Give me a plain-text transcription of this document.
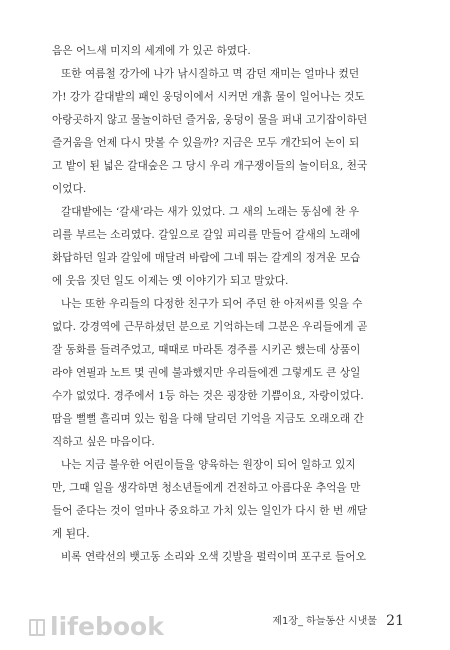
음은 어느새 미지의 세계에 가 있곤 하였다.
또한 여름철 강가에 나가 낚시질하고 멱 감던 재미는 얼마나 컸던
가! 강가 갈대밭의 패인 웅덩이에서 시커먼 개흙 물이 일어나는 것도
아랑곳하지 않고 물놀이하던 즐거움, 웅덩이 물을 퍼내 고기잡이하던
즐거움을 언제 다시 맛볼 수 있을까? 지금은 모두 개간되어 논이 되
고 밭이 된 넓은 갈대숲은 그 당시 우리 개구쟁이들의 놀이터요, 천국
이었다.
갈대밭에는 ‘갈새’라는 새가 있었다. 그 새의 노래는 동심에 찬 우
리를 부르는 소리였다. 갈잎으로 갈잎 피리를 만들어 갈새의 노래에
화답하던 일과 갈잎에 매달려 바람에 그네 뛰는 갈게의 정겨운 모습
에 웃음 짓던 일도 이제는 옛 이야기가 되고 말았다.
나는 또한 우리들의 다정한 친구가 되어 주던 한 아저씨를 잊을 수
없다. 강경역에 근무하셨던 분으로 기억하는데 그분은 우리들에게 곧
잘 동화를 들려주었고, 때때로 마라톤 경주를 시키곤 했는데 상품이
라야 연필과 노트 몇 권에 불과했지만 우리들에겐 그렇게도 큰 상일
수가 없었다. 경주에서 1등 하는 것은 굉장한 기쁨이요, 자랑이었다.
땀을 뻘뻘 흘리며 있는 힘을 다해 달리던 기억을 지금도 오래오래 간
직하고 싶은 마음이다.
나는 지금 불우한 어린이들을 양육하는 원장이 되어 일하고 있지
만, 그때 일을 생각하면 청소년들에게 건전하고 아름다운 추억을 만
들어 준다는 것이 얼마나 중요하고 가치 있는 일인가 다시 한 번 깨닫
게 된다.
비록 연락선의 뱃고동 소리와 오색 깃발을 펄럭이며 포구로 들어오
lifebook	제1장_ 하늘동산 시냇물 21
